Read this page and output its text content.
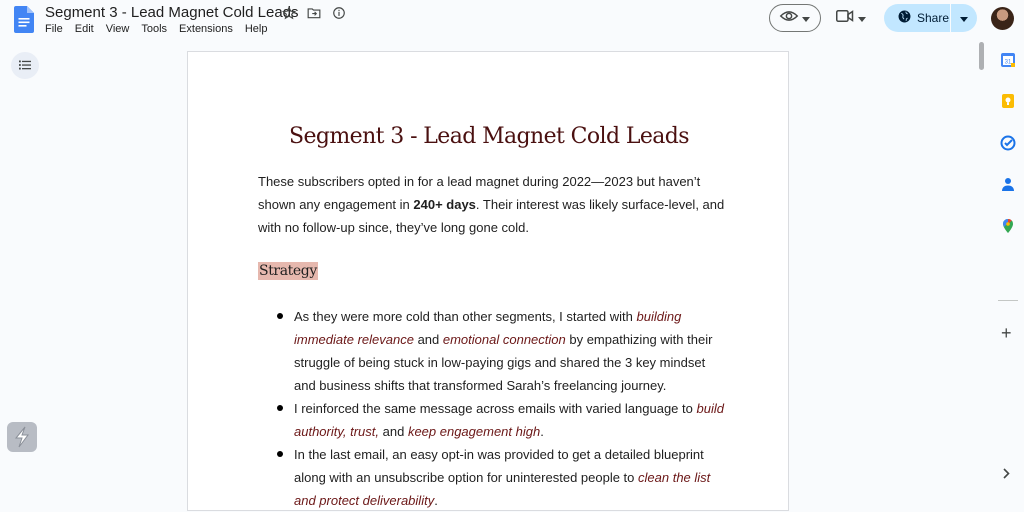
Segment 3 - Lead Magnet Cold Leads
File Edit View Tools Extensions Help
Share
Segment 3 - Lead Magnet Cold Leads

These subscribers opted in for a lead magnet during 2022—2023 but haven’t shown any engagement in 240+ days. Their interest was likely surface-level, and with no follow-up since, they’ve long gone cold.

Strategy
As they were more cold than other segments, I started with building immediate relevance and emotional connection by empathizing with their struggle of being stuck in low-paying gigs and shared the 3 key mindset and business shifts that transformed Sarah’s freelancing journey.
I reinforced the same message across emails with varied language to build authority, trust, and keep engagement high.
In the last email, an easy opt-in was provided to get a detailed blueprint along with an unsubscribe option for uninterested people to clean the list and protect deliverability.
31
+
